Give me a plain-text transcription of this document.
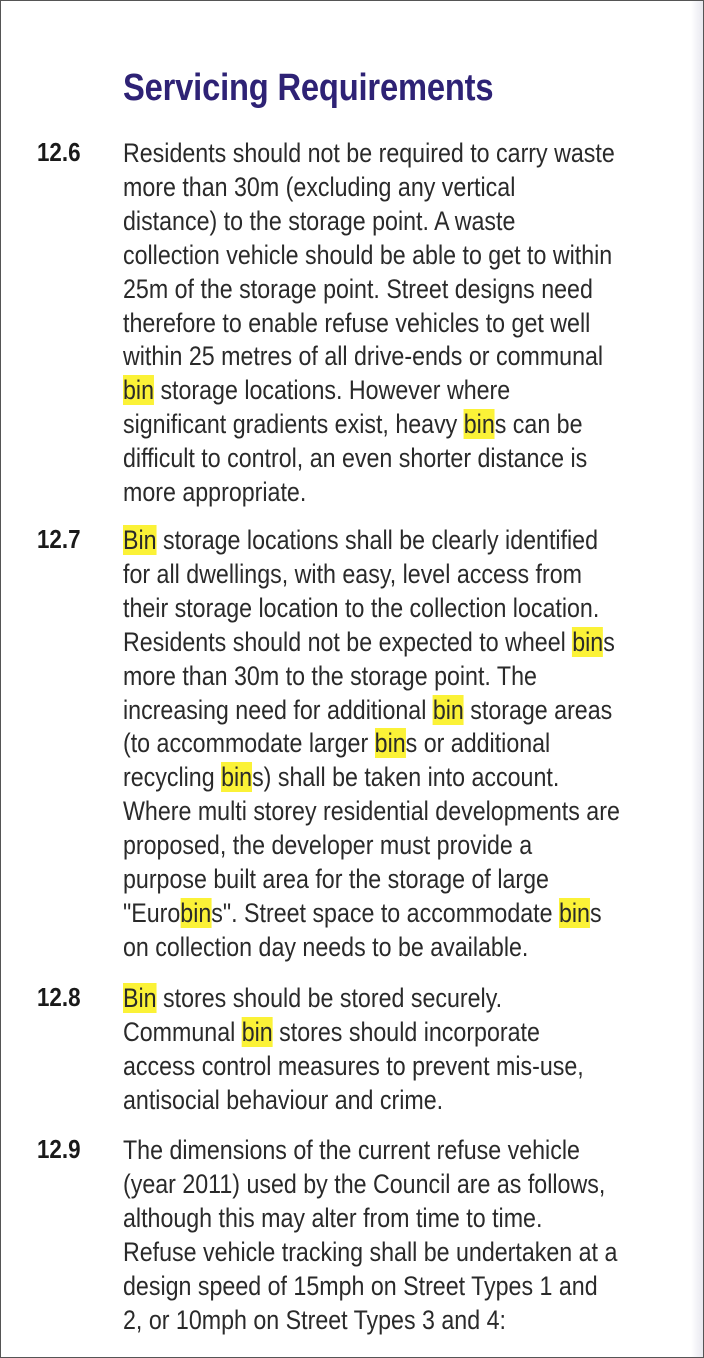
Servicing Requirements
12.6 Residents should not be required to carry waste
more than 30m (excluding any vertical
distance) to the storage point. A waste
collection vehicle should be able to get to within
25m of the storage point. Street designs need
therefore to enable refuse vehicles to get well
within 25 metres of all drive-ends or communal
bin storage locations. However where
significant gradients exist, heavy bins can be
difficult to control, an even shorter distance is
more appropriate.
12.7 Bin storage locations shall be clearly identified
for all dwellings, with easy, level access from
their storage location to the collection location.
Residents should not be expected to wheel bins
more than 30m to the storage point. The
increasing need for additional bin storage areas
(to accommodate larger bins or additional
recycling bins) shall be taken into account.
Where multi storey residential developments are
proposed, the developer must provide a
purpose built area for the storage of large
"Eurobins". Street space to accommodate bins
on collection day needs to be available.
12.8 Bin stores should be stored securely.
Communal bin stores should incorporate
access control measures to prevent mis-use,
antisocial behaviour and crime.
12.9 The dimensions of the current refuse vehicle
(year 2011) used by the Council are as follows,
although this may alter from time to time.
Refuse vehicle tracking shall be undertaken at a
design speed of 15mph on Street Types 1 and
2, or 10mph on Street Types 3 and 4:
